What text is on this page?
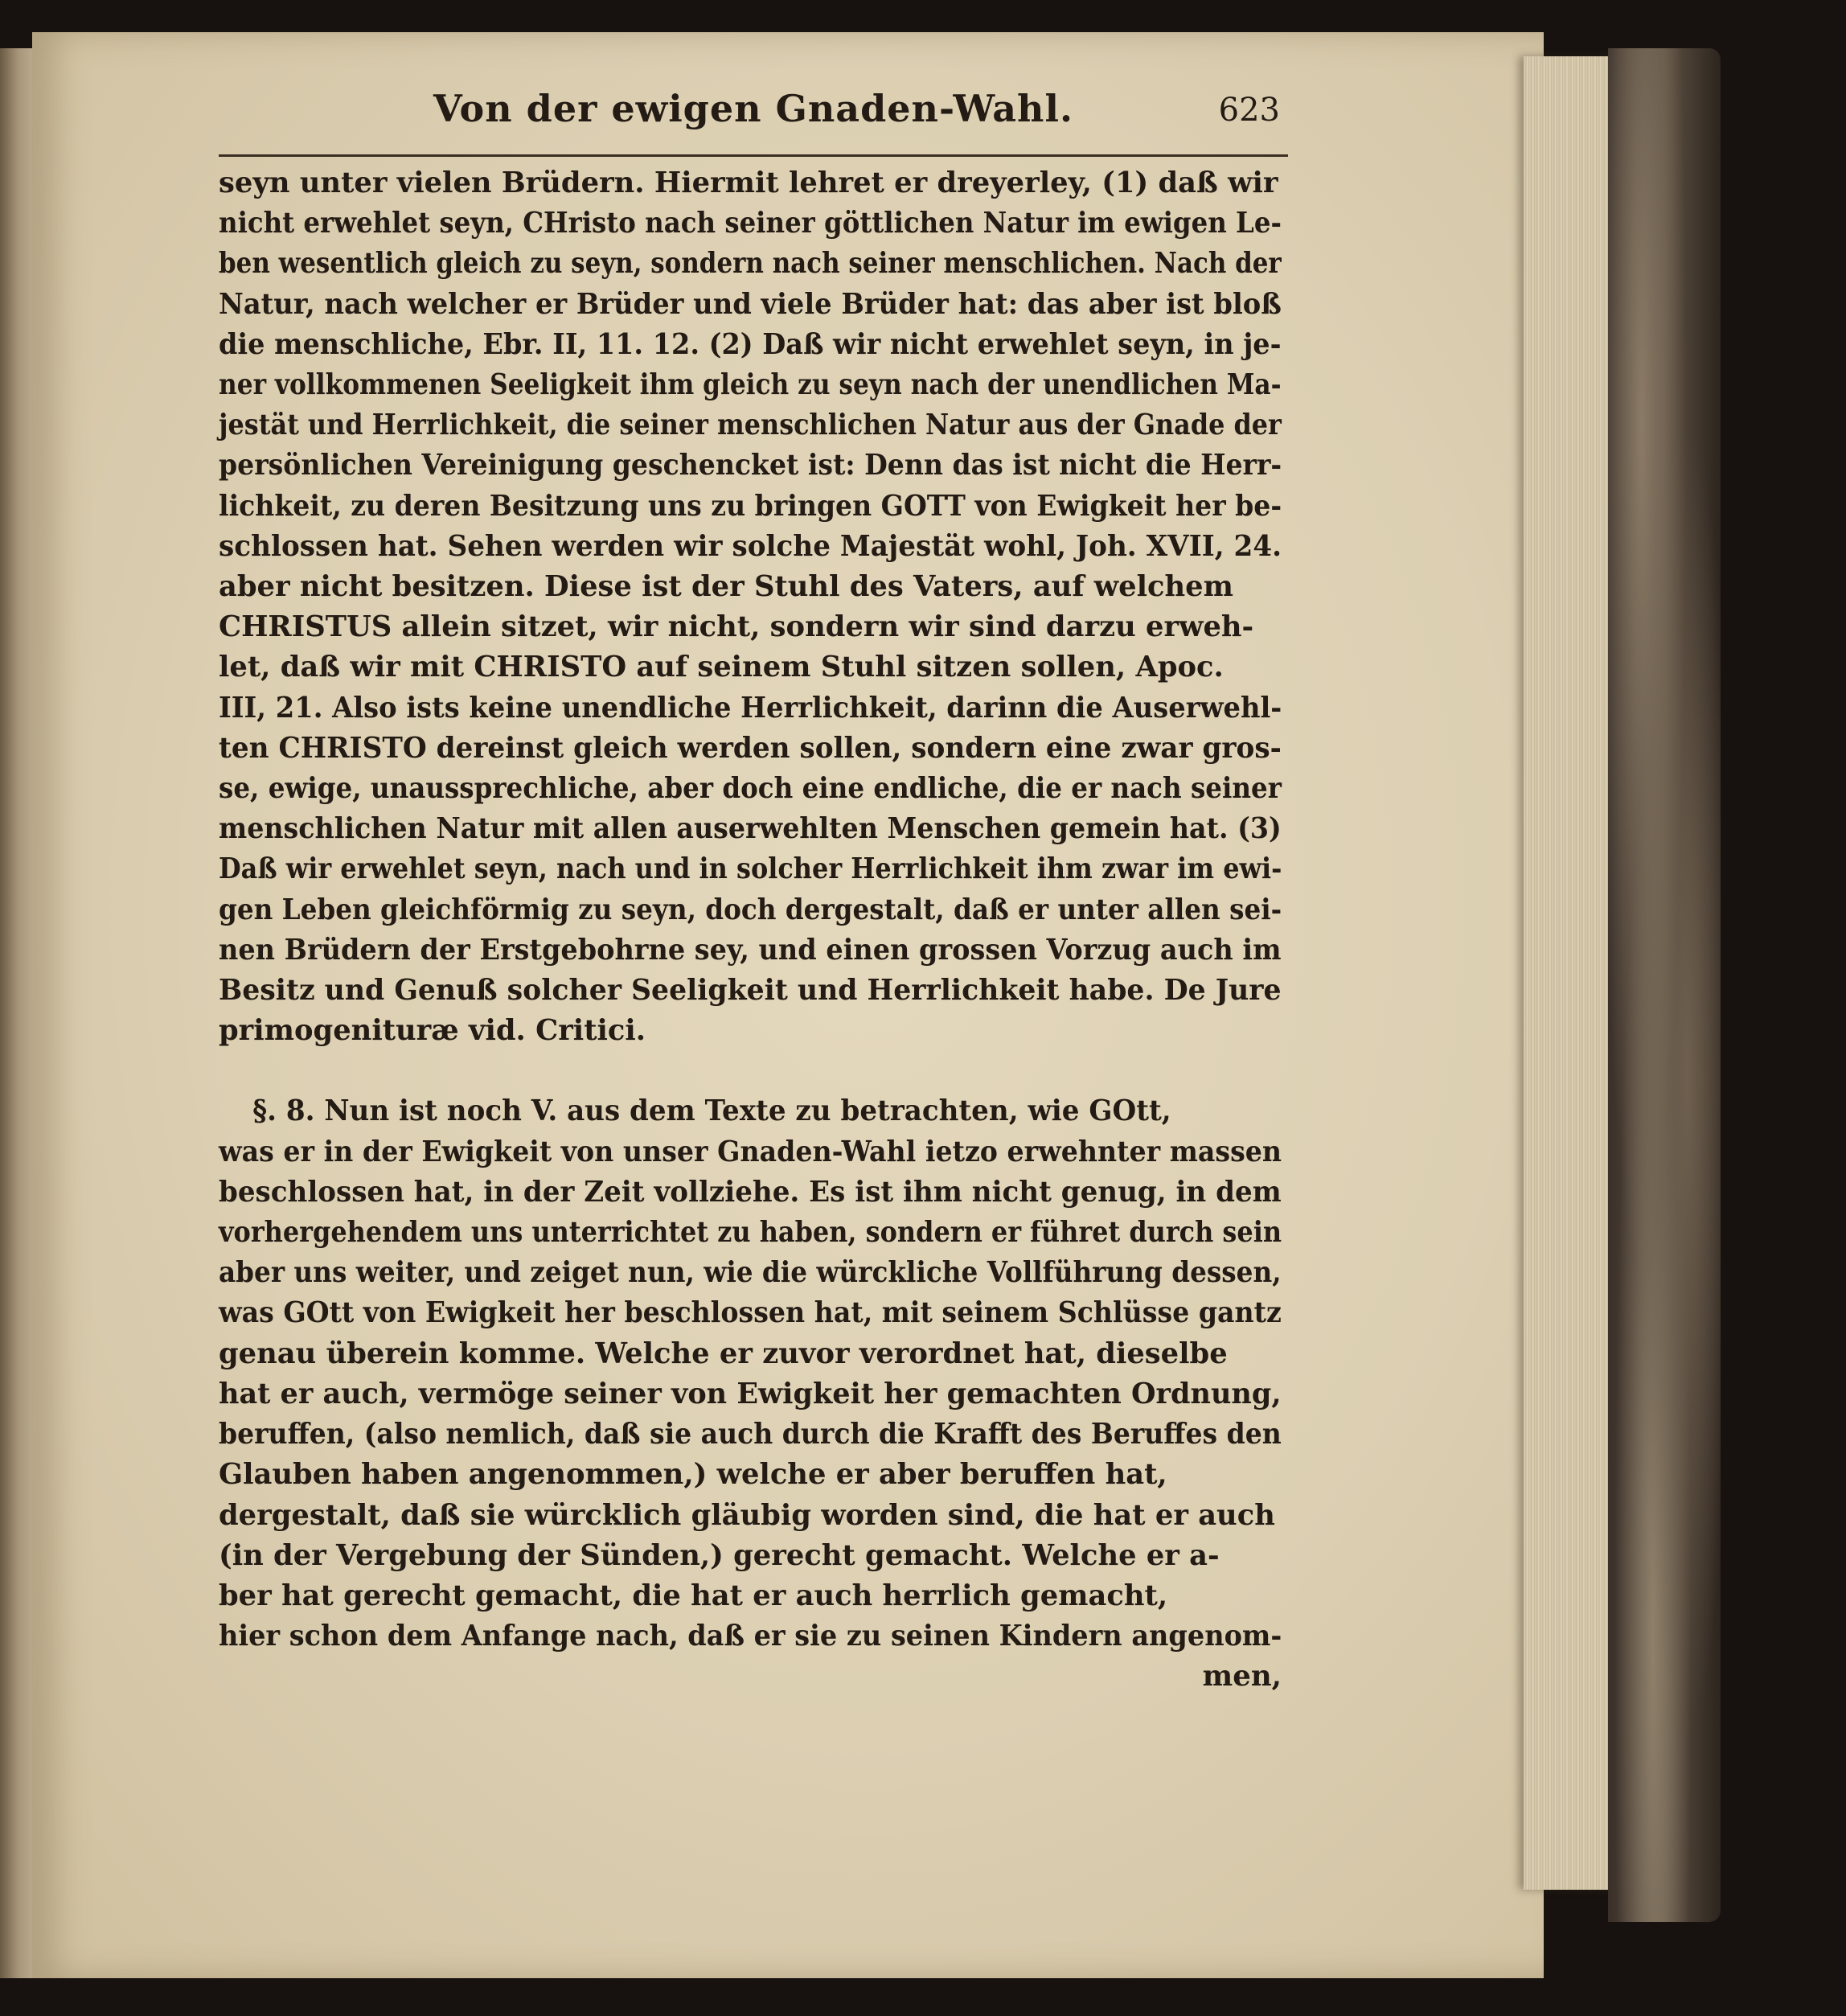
Von der ewigen Gnaden-Wahl.	623

seyn unter vielen Brüdern. Hiermit lehret er dreyerley, (1) daß wir

nicht erwehlet seyn, CHristo nach seiner göttlichen Natur im ewigen Le-

ben wesentlich gleich zu seyn, sondern nach seiner menschlichen. Nach der

Natur, nach welcher er Brüder und viele Brüder hat: das aber ist bloß

die menschliche, Ebr. II, 11. 12. (2) Daß wir nicht erwehlet seyn, in je-

ner vollkommenen Seeligkeit ihm gleich zu seyn nach der unendlichen Ma-

jestät und Herrlichkeit, die seiner menschlichen Natur aus der Gnade der

persönlichen Vereinigung geschencket ist: Denn das ist nicht die Herr-

lichkeit, zu deren Besitzung uns zu bringen GOTT von Ewigkeit her be-

schlossen hat. Sehen werden wir solche Majestät wohl, Joh. XVII, 24.

aber nicht besitzen. Diese ist der Stuhl des Vaters, auf welchem

CHRISTUS allein sitzet, wir nicht, sondern wir sind darzu erweh-

let, daß wir mit CHRISTO auf seinem Stuhl sitzen sollen, Apoc.

III, 21. Also ists keine unendliche Herrlichkeit, darinn die Auserwehl-

ten CHRISTO dereinst gleich werden sollen, sondern eine zwar gros-

se, ewige, unaussprechliche, aber doch eine endliche, die er nach seiner

menschlichen Natur mit allen auserwehlten Menschen gemein hat. (3)

Daß wir erwehlet seyn, nach und in solcher Herrlichkeit ihm zwar im ewi-

gen Leben gleichförmig zu seyn, doch dergestalt, daß er unter allen sei-

nen Brüdern der Erstgebohrne sey, und einen grossen Vorzug auch im

Besitz und Genuß solcher Seeligkeit und Herrlichkeit habe. De Jure

primogenituræ vid. Critici.

§. 8. Nun ist noch V. aus dem Texte zu betrachten, wie GOtt,

was er in der Ewigkeit von unser Gnaden-Wahl ietzo erwehnter massen

beschlossen hat, in der Zeit vollziehe. Es ist ihm nicht genug, in dem

vorhergehendem uns unterrichtet zu haben, sondern er führet durch sein

aber uns weiter, und zeiget nun, wie die würckliche Vollführung dessen,

was GOtt von Ewigkeit her beschlossen hat, mit seinem Schlüsse gantz

genau überein komme. Welche er zuvor verordnet hat, dieselbe

hat er auch, vermöge seiner von Ewigkeit her gemachten Ordnung,

beruffen, (also nemlich, daß sie auch durch die Krafft des Beruffes den

Glauben haben angenommen,) welche er aber beruffen hat,

dergestalt, daß sie würcklich gläubig worden sind, die hat er auch

(in der Vergebung der Sünden,) gerecht gemacht. Welche er a-

ber hat gerecht gemacht, die hat er auch herrlich gemacht,

hier schon dem Anfange nach, daß er sie zu seinen Kindern angenom-

men,
